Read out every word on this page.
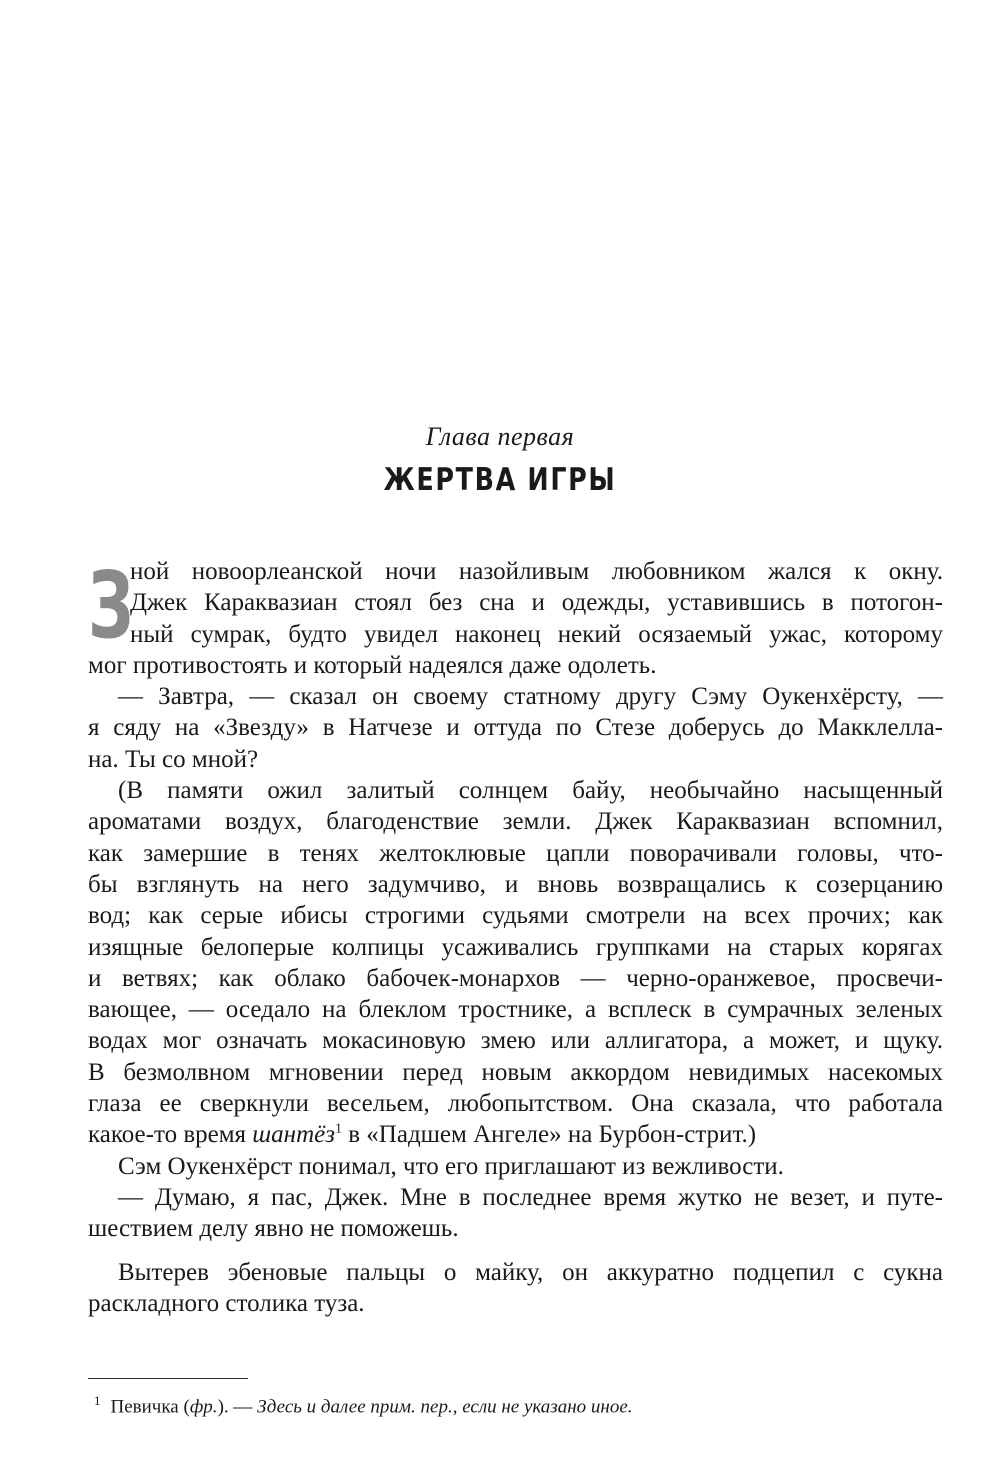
Глава первая
ЖЕРТВА ИГРЫ
З
ной новоорлеанской ночи назойливым любовником жался к окну.
Джек Караквазиан стоял без сна и одежды, уставившись в потогон-
ный сумрак, будто увидел наконец некий осязаемый ужас, которому
мог противостоять и который надеялся даже одолеть.
— Завтра, — сказал он своему статному другу Сэму Оукенхёрсту, —
я сяду на «Звезду» в Натчезе и оттуда по Стезе доберусь до Макклелла-
на. Ты со мной?
(В памяти ожил залитый солнцем байу, необычайно насыщенный
ароматами воздух, благоденствие земли. Джек Караквазиан вспомнил,
как замершие в тенях желтоклювые цапли поворачивали головы, что-
бы взглянуть на него задумчиво, и вновь возвращались к созерцанию
вод; как серые ибисы строгими судьями смотрели на всех прочих; как
изящные белоперые колпицы усаживались группками на старых корягах
и ветвях; как облако бабочек-монархов — черно-оранжевое, просвечи-
вающее, — оседало на блеклом тростнике, а всплеск в сумрачных зеленых
водах мог означать мокасиновую змею или аллигатора, а может, и щуку.
В безмолвном мгновении перед новым аккордом невидимых насекомых
глаза ее сверкнули весельем, любопытством. Она сказала, что работала
какое-то время шантёз$^1$ в «Падшем Ангеле» на Бурбон-стрит.)
Сэм Оукенхёрст понимал, что его приглашают из вежливости.
— Думаю, я пас, Джек. Мне в последнее время жутко не везет, и путе-
шествием делу явно не поможешь.
Вытерев эбеновые пальцы о майку, он аккуратно подцепил с сукна
раскладного столика туза.
$^1$ Певичка (фр.). — Здесь и далее прим. пер., если не указано иное.
